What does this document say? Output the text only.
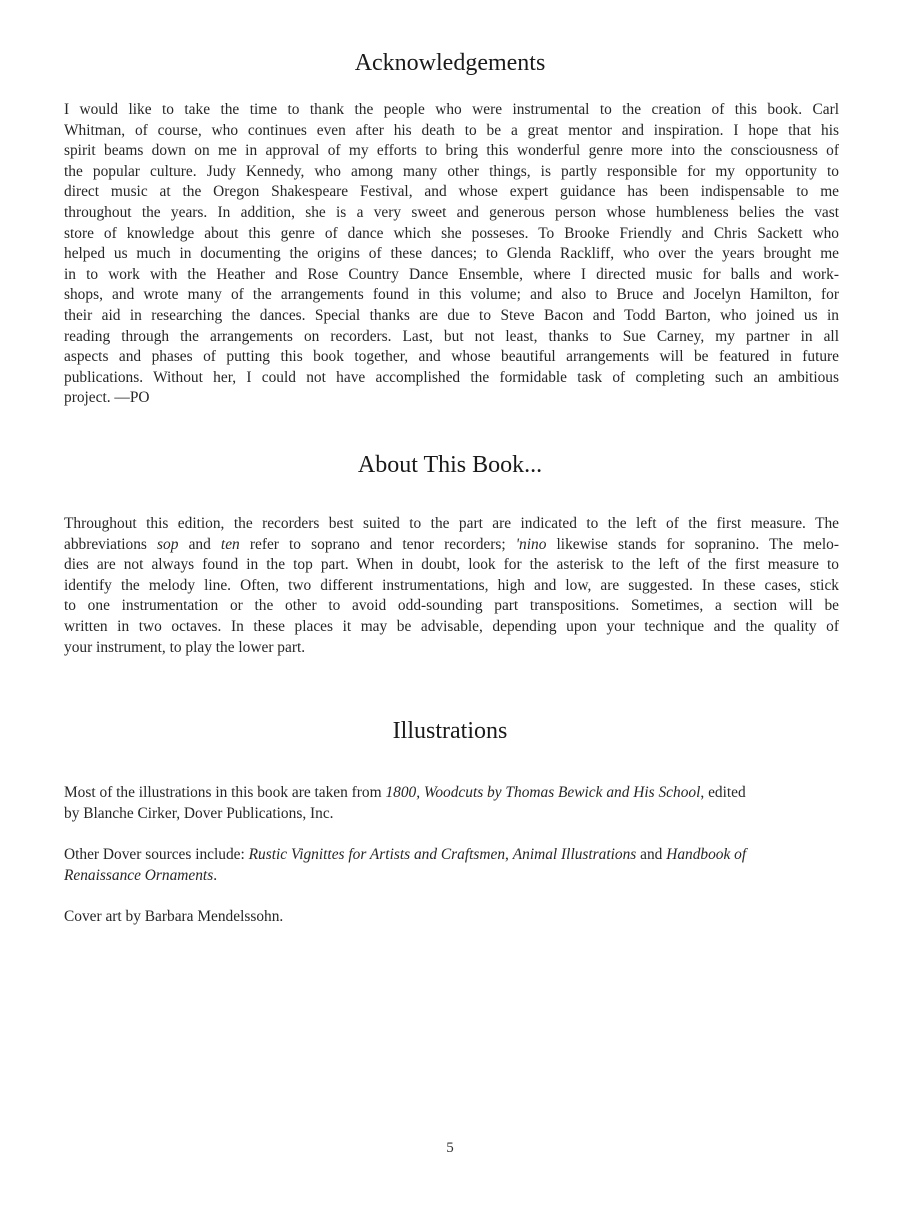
Acknowledgements
I would like to take the time to thank the people who were instrumental to the creation of this book. Carl
Whitman, of course, who continues even after his death to be a great mentor and inspiration. I hope that his
spirit beams down on me in approval of my efforts to bring this wonderful genre more into the consciousness of
the popular culture. Judy Kennedy, who among many other things, is partly responsible for my opportunity to
direct music at the Oregon Shakespeare Festival, and whose expert guidance has been indispensable to me
throughout the years. In addition, she is a very sweet and generous person whose humbleness belies the vast
store of knowledge about this genre of dance which she posseses. To Brooke Friendly and Chris Sackett who
helped us much in documenting the origins of these dances; to Glenda Rackliff, who over the years brought me
in to work with the Heather and Rose Country Dance Ensemble, where I directed music for balls and work-
shops, and wrote many of the arrangements found in this volume; and also to Bruce and Jocelyn Hamilton, for
their aid in researching the dances. Special thanks are due to Steve Bacon and Todd Barton, who joined us in
reading through the arrangements on recorders. Last, but not least, thanks to Sue Carney, my partner in all
aspects and phases of putting this book together, and whose beautiful arrangements will be featured in future
publications. Without her, I could not have accomplished the formidable task of completing such an ambitious
project. —PO
About This Book...
Throughout this edition, the recorders best suited to the part are indicated to the left of the first measure. The
abbreviations sop and ten refer to soprano and tenor recorders; 'nino likewise stands for sopranino. The melo-
dies are not always found in the top part. When in doubt, look for the asterisk to the left of the first measure to
identify the melody line. Often, two different instrumentations, high and low, are suggested. In these cases, stick
to one instrumentation or the other to avoid odd-sounding part transpositions. Sometimes, a section will be
written in two octaves. In these places it may be advisable, depending upon your technique and the quality of
your instrument, to play the lower part.
Illustrations
Most of the illustrations in this book are taken from 1800, Woodcuts by Thomas Bewick and His School, edited
by Blanche Cirker, Dover Publications, Inc.
Other Dover sources include: Rustic Vignittes for Artists and Craftsmen, Animal Illustrations and Handbook of
Renaissance Ornaments.
Cover art by Barbara Mendelssohn.
5
